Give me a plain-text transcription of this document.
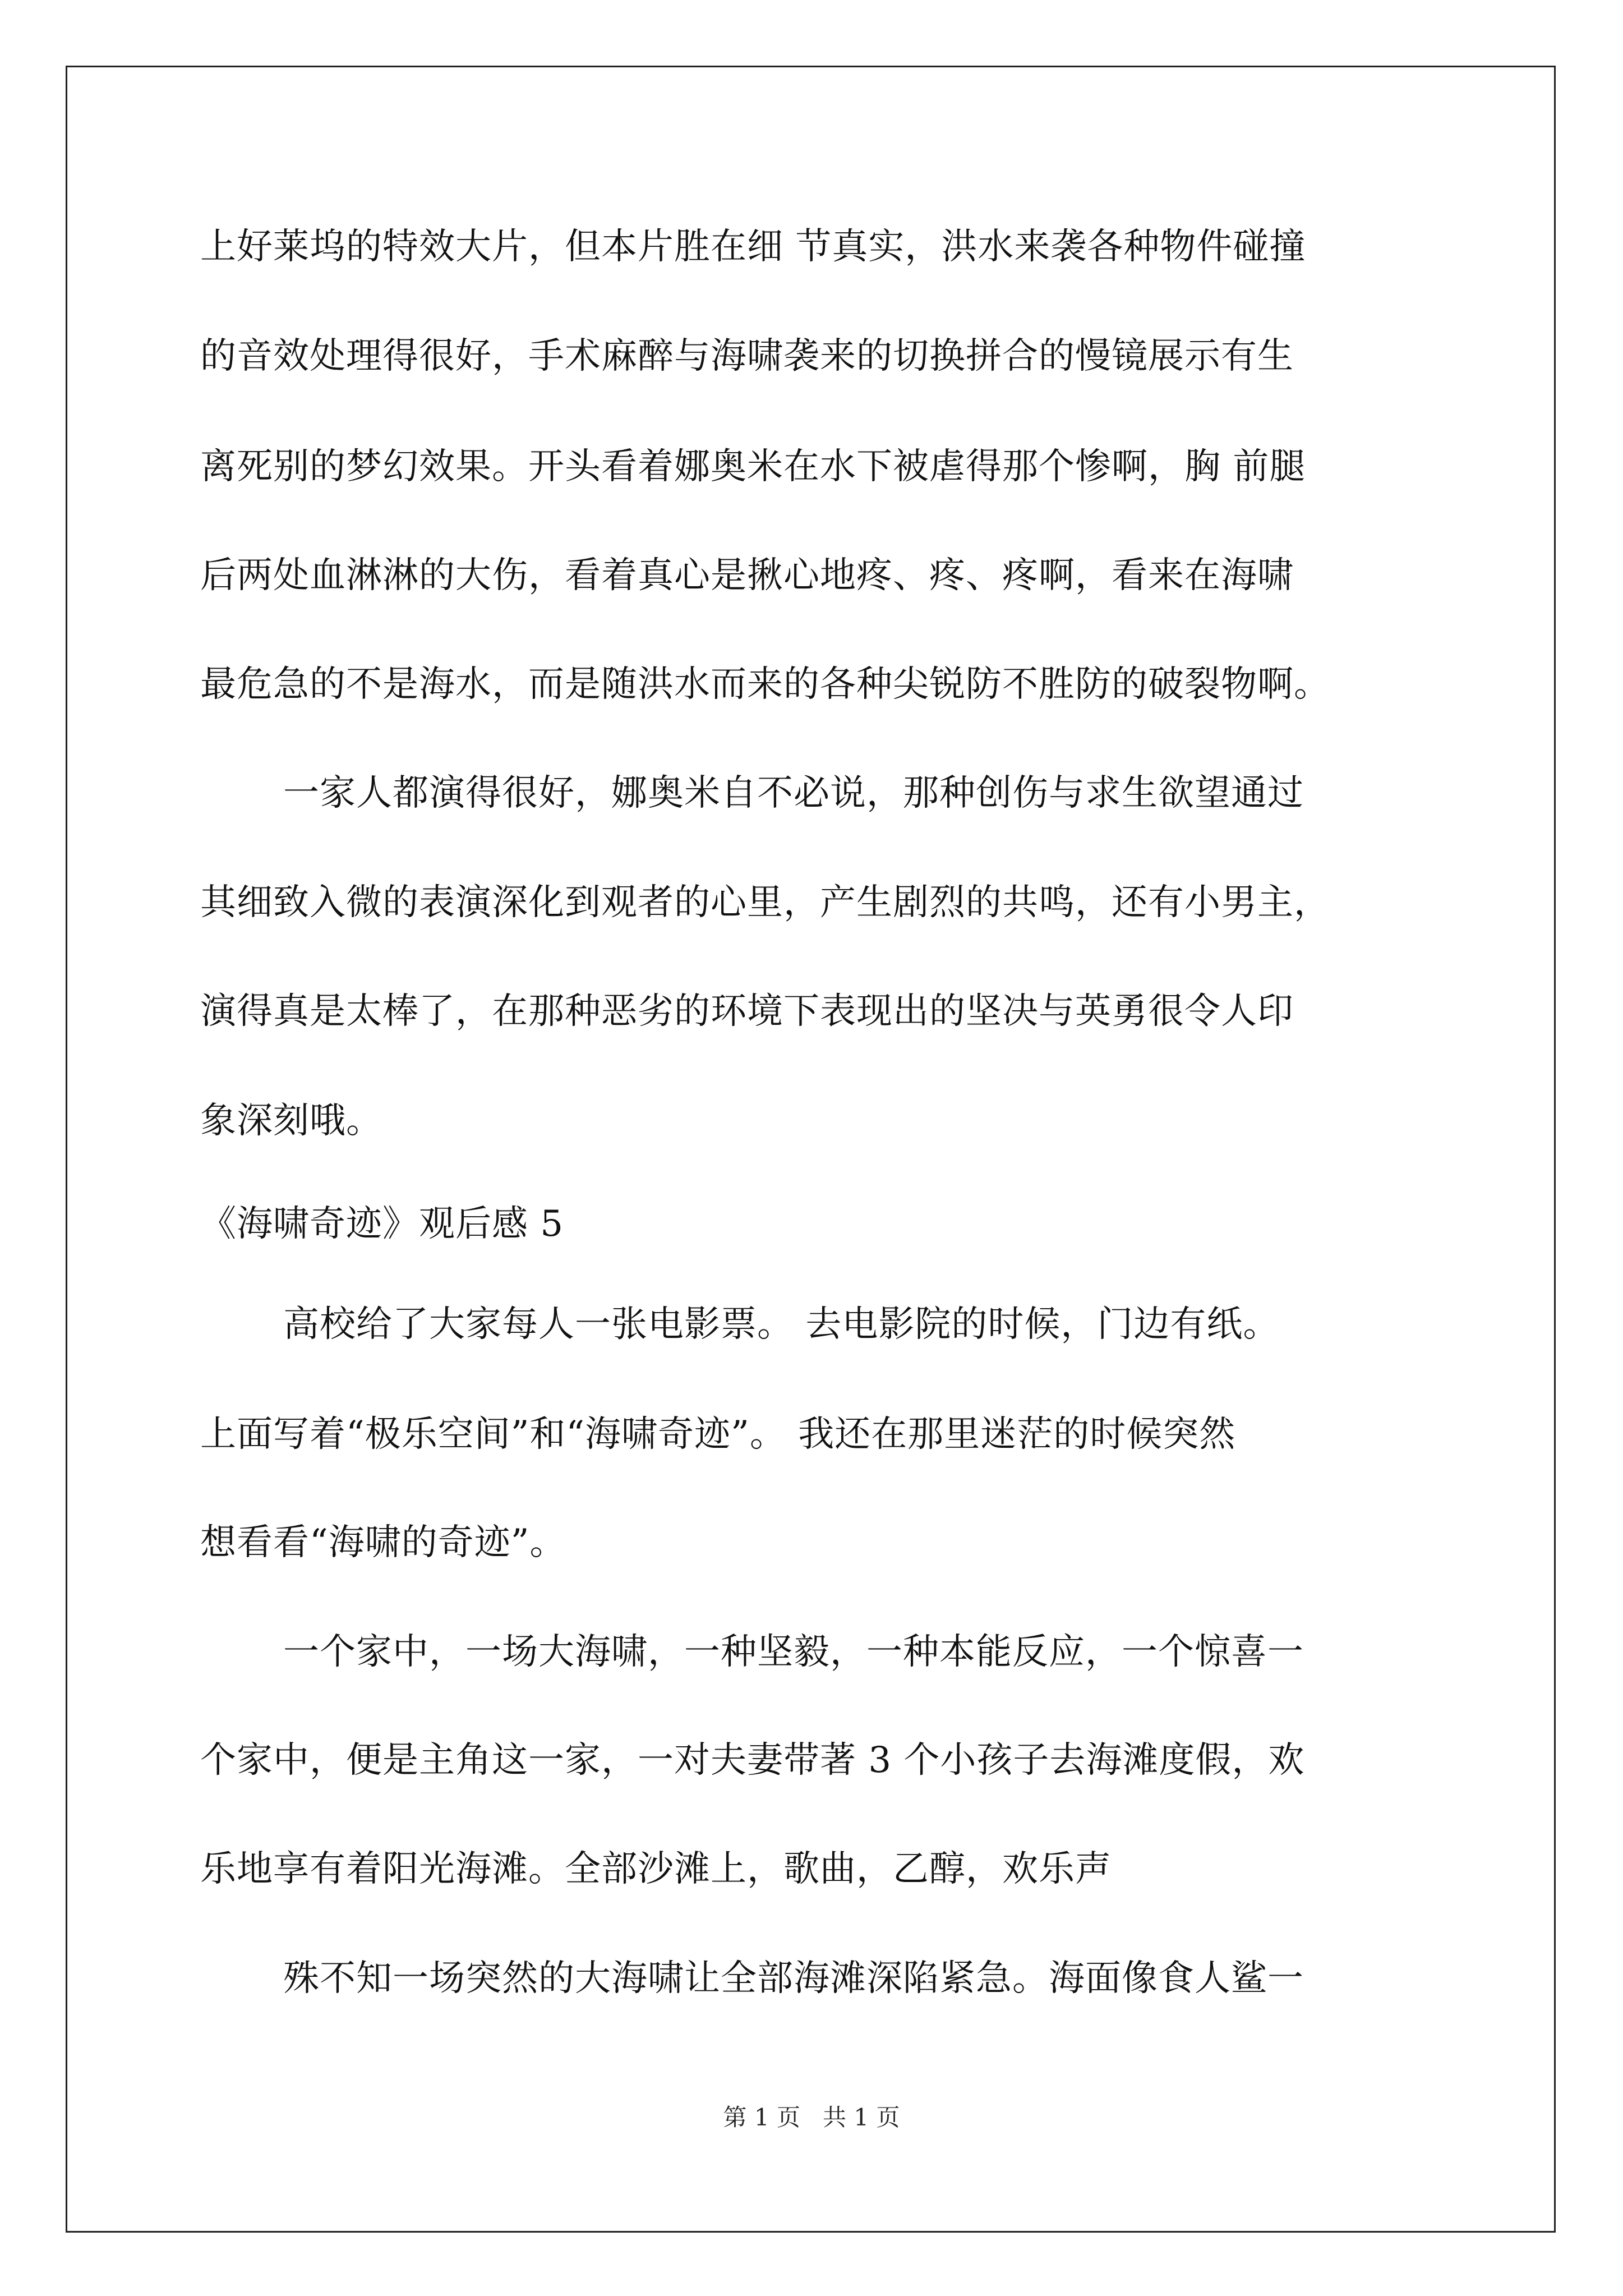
上好莱坞的特效大片，但本片胜在细 节真实，洪水来袭各种物件碰撞
的音效处理得很好，手术麻醉与海啸袭来的切换拼合的慢镜展示有生
离死别的梦幻效果。开头看着娜奥米在水下被虐得那个惨啊，胸 前腿
后两处血淋淋的大伤，看着真心是揪心地疼、疼、疼啊，看来在海啸
最危急的不是海水，而是随洪水而来的各种尖锐防不胜防的破裂物啊。
一家人都演得很好，娜奥米自不必说，那种创伤与求生欲望通过
其细致入微的表演深化到观者的心里，产生剧烈的共鸣，还有小男主，
演得真是太棒了，在那种恶劣的环境下表现出的坚决与英勇很令人印
象深刻哦。
《海啸奇迹》观后感 5
高校给了大家每人一张电影票。 去电影院的时候，门边有纸。
上面写着“极乐空间”和“海啸奇迹”。 我还在那里迷茫的时候突然
想看看“海啸的奇迹”。
一个家中，一场大海啸，一种坚毅，一种本能反应，一个惊喜一
个家中，便是主角这一家，一对夫妻带著 3 个小孩子去海滩度假，欢
乐地享有着阳光海滩。全部沙滩上，歌曲，乙醇，欢乐声
殊不知一场突然的大海啸让全部海滩深陷紧急。海面像食人鲨一
第 1 页   共 1 页
